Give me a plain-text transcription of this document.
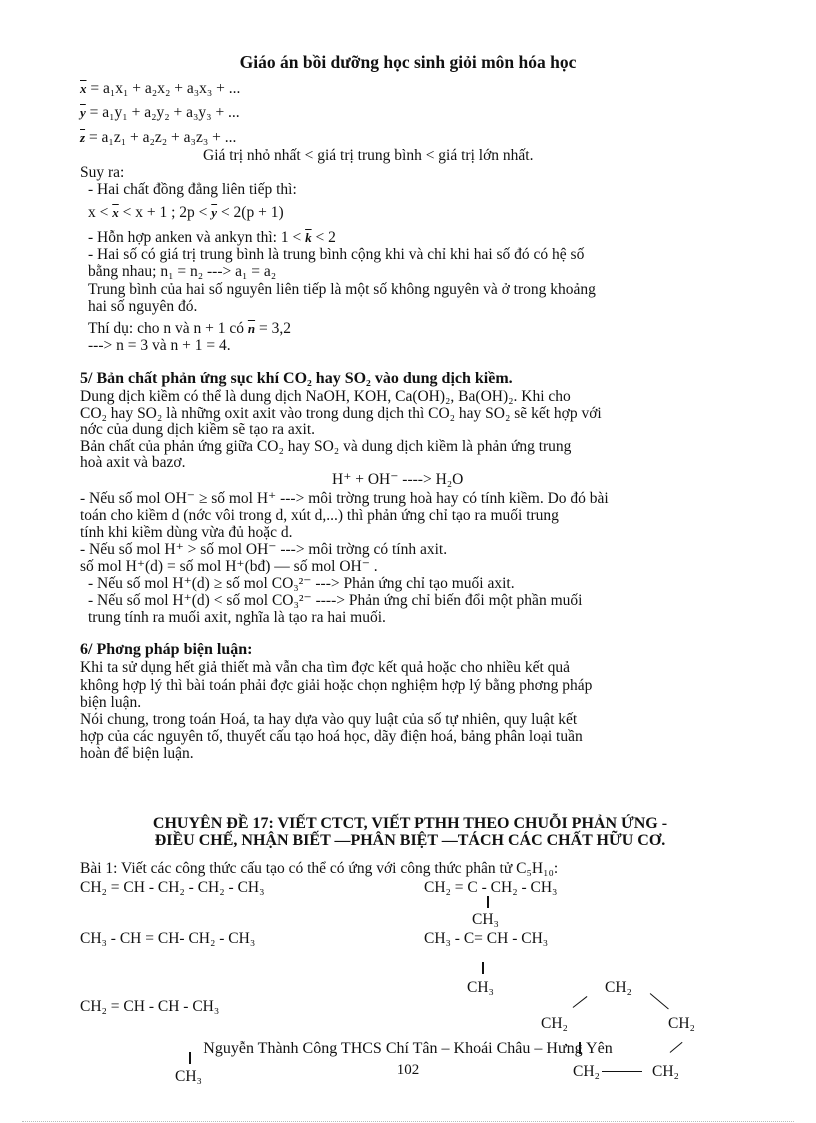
Giáo án bồi dưỡng học sinh giỏi môn hóa học
$\overline{x} = a_1x_1 + a_2x_2 + a_3x_3$ + ...
$\overline{y} = a_1y_1 + a_2y_2 + a_3y_3$ + ...
$\overline{z} = a_1z_1 + a_2z_2 + a_3z_3$ + ...
Giá trị nhỏ nhất < giá trị trung bình < giá trị lớn nhất.
Suy ra:
- Hai chất đồng đẳng liên tiếp thì:
$x < \overline{x} < x + 1$ ; $2p < \overline{y} < 2(p + 1)$
- Hỗn hợp anken và ankyn thì: $1 < \overline{k} < 2$
- Hai số có giá trị trung bình là trung bình cộng khi và chỉ khi hai số đó có hệ số
bằng nhau; n₁ = n₂ ---> a₁ = a₂
Trung bình của hai số nguyên liên tiếp là một số không nguyên và ở trong khoảng
hai số nguyên đó.
Thí dụ: cho n và n + 1 có $\overline{n} = 3,2$
---> n = 3 và n + 1 = 4.
5/ Bản chất phản ứng sục khí CO₂ hay SO₂ vào dung dịch kiềm.
Dung dịch kiềm có thể là dung dịch NaOH, KOH, Ca(OH)₂, Ba(OH)₂. Khi cho
CO₂ hay SO₂ là những oxit axit vào trong dung dịch thì CO₂ hay SO₂ sẽ kết hợp với
nớc của dung dịch kiềm sẽ tạo ra axit.
Bản chất của phản ứng giữa CO₂ hay SO₂ và dung dịch kiềm là phản ứng trung
hoà axit và bazơ.
H⁺ + OH⁻ ----> H₂O
- Nếu số mol OH⁻ ≥ số mol H⁺ ---> môi trờng trung hoà hay có tính kiềm. Do đó bài
toán cho kiềm d (nớc vôi trong d, xút d,...) thì phản ứng chỉ tạo ra muối trung
tính khi kiềm dùng vừa đủ hoặc d.
- Nếu số mol H⁺ > số mol OH⁻ ---> môi trờng có tính axit.
số mol H⁺(d) = số mol H⁺(bđ) — số mol OH⁻ .
- Nếu số mol H⁺(d) ≥ số mol CO₃²⁻ ---> Phản ứng chỉ tạo muối axit.
- Nếu số mol H⁺(d) < số mol CO₃²⁻ ----> Phản ứng chỉ biến đổi một phần muối
trung tính ra muối axit, nghĩa là tạo ra hai muối.
6/ Phơng pháp biện luận:
Khi ta sử dụng hết giả thiết mà vẫn cha tìm đợc kết quả hoặc cho nhiều kết quả
không hợp lý thì bài toán phải đợc giải hoặc chọn nghiệm hợp lý bằng phơng pháp
biện luận.
Nói chung, trong toán Hoá, ta hay dựa vào quy luật của số tự nhiên, quy luật kết
hợp của các nguyên tố, thuyết cấu tạo hoá học, dãy điện hoá, bảng phân loại tuần
hoàn để biện luận.
CHUYÊN ĐỀ 17: VIẾT CTCT, VIẾT PTHH THEO CHUỖI PHẢN ỨNG -
ĐIỀU CHẾ, NHẬN BIẾT —PHÂN BIỆT —TÁCH CÁC CHẤT HỮU CƠ.
Bài 1: Viết các công thức cấu tạo có thể có ứng với công thức phân tử C₅H₁₀:
CH₂ = CH - CH₂ - CH₂ - CH₃	CH₂ = C - CH₂ - CH₃
CH₃
CH₃ - CH = CH- CH₂ - CH₃	CH₃ - C= CH - CH₃
CH₃
CH₂ = CH - CH - CH₃
CH₃
CH₂
CH₂	CH₂
CH₂	CH₂
Nguyễn Thành Công THCS Chí Tân – Khoái Châu – Hưng Yên
102
